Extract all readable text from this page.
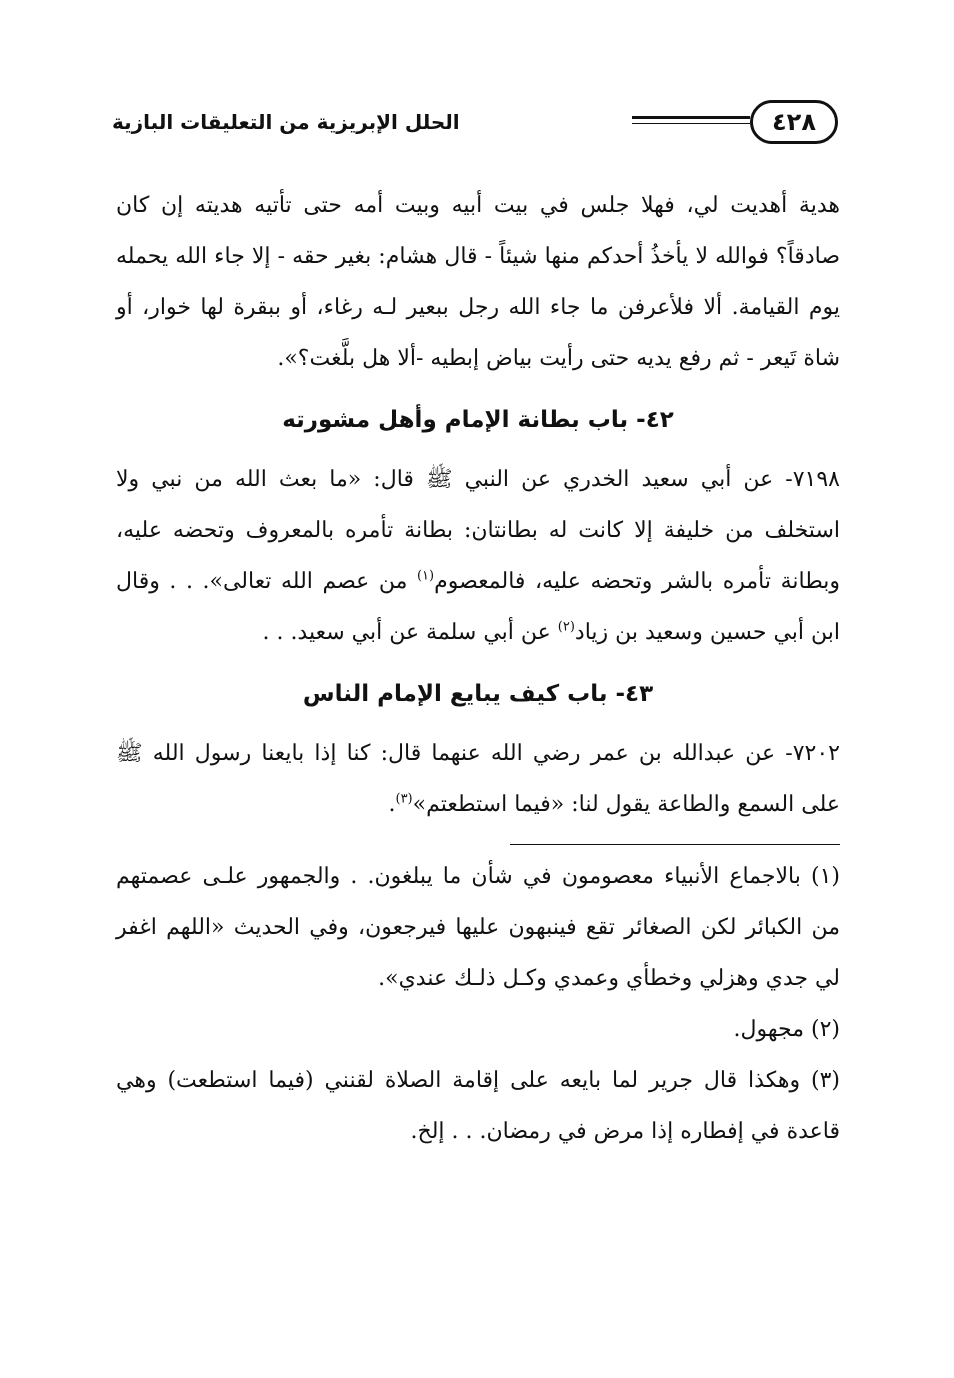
٤٢٨
الحلل الإبريزية من التعليقات البازية

هدية أهديت لي، فهلا جلس في بيت أبيه وبيت أمه حتى تأتيه هديته إن كان صادقاً؟ فوالله لا يأخذُ أحدكم منها شيئاً - قال هشام: بغير حقه - إلا جاء الله يحمله يوم القيامة. ألا فلأعرفن ما جاء الله رجل ببعير لـه رغاء، أو ببقرة لها خوار، أو شاة تَيعر - ثم رفع يديه حتى رأيت بياض إبطيه -ألا هل بلَّغت؟».

٤٢- باب بطانة الإمام وأهل مشورته

٧١٩٨- عن أبي سعيد الخدري عن النبي ﷺ قال: «ما بعث الله من نبي ولا استخلف من خليفة إلا كانت له بطانتان: بطانة تأمره بالمعروف وتحضه عليه، وبطانة تأمره بالشر وتحضه عليه، فالمعصوم$^{(١)}$ من عصم الله تعالى». . . وقال ابن أبي حسين وسعيد بن زياد$^{(٢)}$ عن أبي سلمة عن أبي سعيد. . .

٤٣- باب كيف يبايع الإمام الناس

٧٢٠٢- عن عبدالله بن عمر رضي الله عنهما قال: كنا إذا بايعنا رسول الله ﷺ على السمع والطاعة يقول لنا: «فيما استطعتم»$^{(٣)}$.

(١) بالاجماع الأنبياء معصومون في شأن ما يبلغون. . والجمهور علـى عصمتهم من الكبائر لكن الصغائر تقع فينبهون عليها فيرجعون، وفي الحديث «اللهم اغفر لي جدي وهزلي وخطأي وعمدي وكـل ذلـك عندي».

(٢) مجهول.

(٣) وهكذا قال جرير لما بايعه على إقامة الصلاة لقنني (فيما استطعت) وهي قاعدة في إفطاره إذا مرض في رمضان. . . إلخ.
